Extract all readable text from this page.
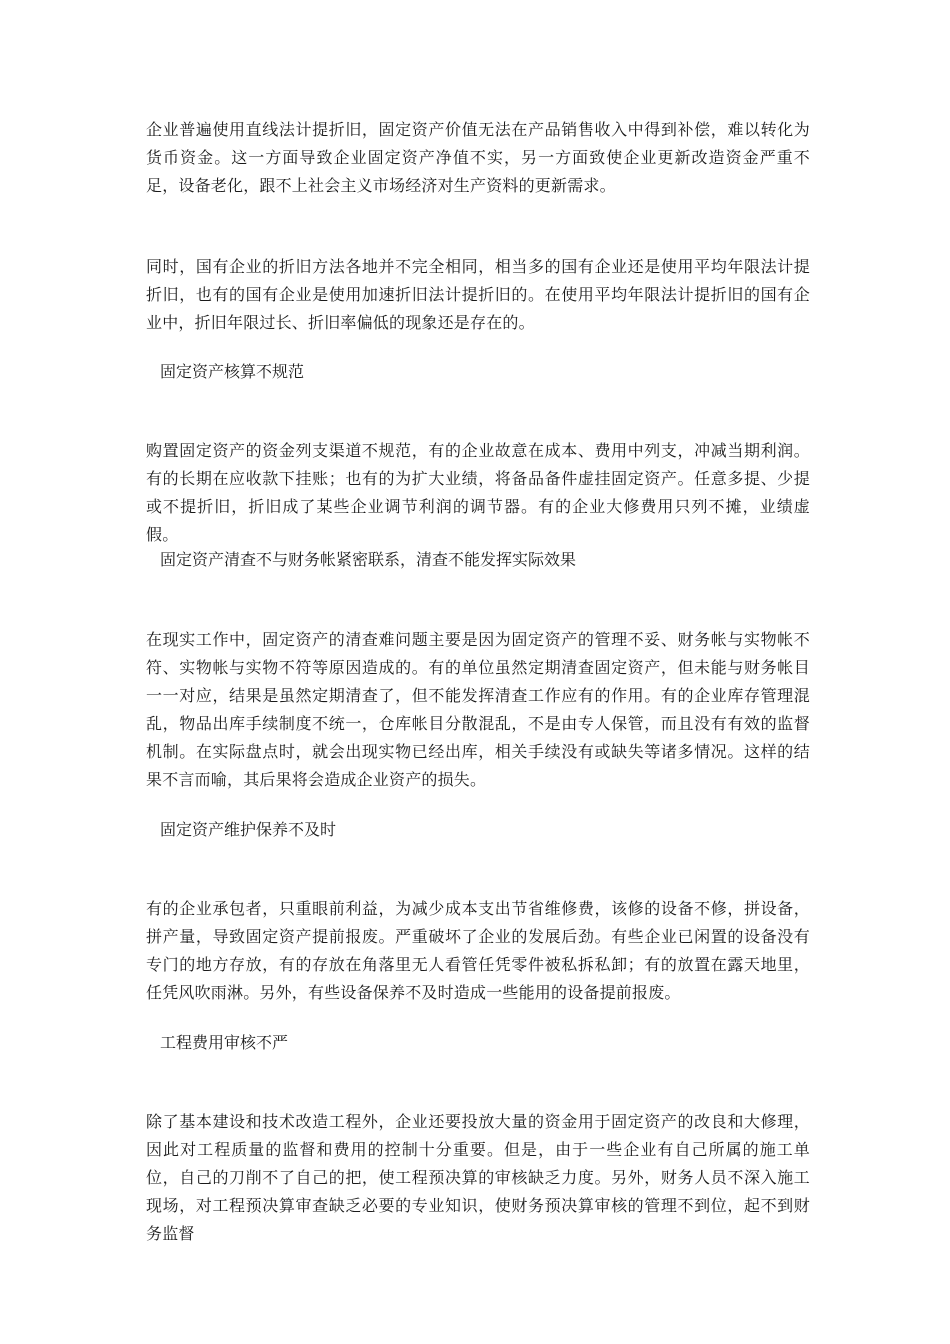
企业普遍使用直线法计提折旧，固定资产价值无法在产品销售收入中得到补偿，难以转化为货币资金。这一方面导致企业固定资产净值不实，另一方面致使企业更新改造资金严重不足，设备老化，跟不上社会主义市场经济对生产资料的更新需求。

同时，国有企业的折旧方法各地并不完全相同，相当多的国有企业还是使用平均年限法计提折旧，也有的国有企业是使用加速折旧法计提折旧的。在使用平均年限法计提折旧的国有企业中，折旧年限过长、折旧率偏低的现象还是存在的。

固定资产核算不规范

购置固定资产的资金列支渠道不规范，有的企业故意在成本、费用中列支，冲减当期利润。有的长期在应收款下挂账；也有的为扩大业绩，将备品备件虚挂固定资产。任意多提、少提或不提折旧，折旧成了某些企业调节利润的调节器。有的企业大修费用只列不摊，业绩虚假。

固定资产清查不与财务帐紧密联系，清查不能发挥实际效果

在现实工作中，固定资产的清查难问题主要是因为固定资产的管理不妥、财务帐与实物帐不符、实物帐与实物不符等原因造成的。有的单位虽然定期清查固定资产，但未能与财务帐目一一对应，结果是虽然定期清查了，但不能发挥清查工作应有的作用。有的企业库存管理混乱，物品出库手续制度不统一，仓库帐目分散混乱，不是由专人保管，而且没有有效的监督机制。在实际盘点时，就会出现实物已经出库，相关手续没有或缺失等诸多情况。这样的结果不言而喻，其后果将会造成企业资产的损失。

固定资产维护保养不及时

有的企业承包者，只重眼前利益，为减少成本支出节省维修费，该修的设备不修，拼设备，拼产量，导致固定资产提前报废。严重破坏了企业的发展后劲。有些企业已闲置的设备没有专门的地方存放，有的存放在角落里无人看管任凭零件被私拆私卸；有的放置在露天地里，任凭风吹雨淋。另外，有些设备保养不及时造成一些能用的设备提前报废。

工程费用审核不严

除了基本建设和技术改造工程外，企业还要投放大量的资金用于固定资产的改良和大修理，因此对工程质量的监督和费用的控制十分重要。但是，由于一些企业有自己所属的施工单位，自己的刀削不了自己的把，使工程预决算的审核缺乏力度。另外，财务人员不深入施工现场，对工程预决算审查缺乏必要的专业知识，使财务预决算审核的管理不到位，起不到财务监督
